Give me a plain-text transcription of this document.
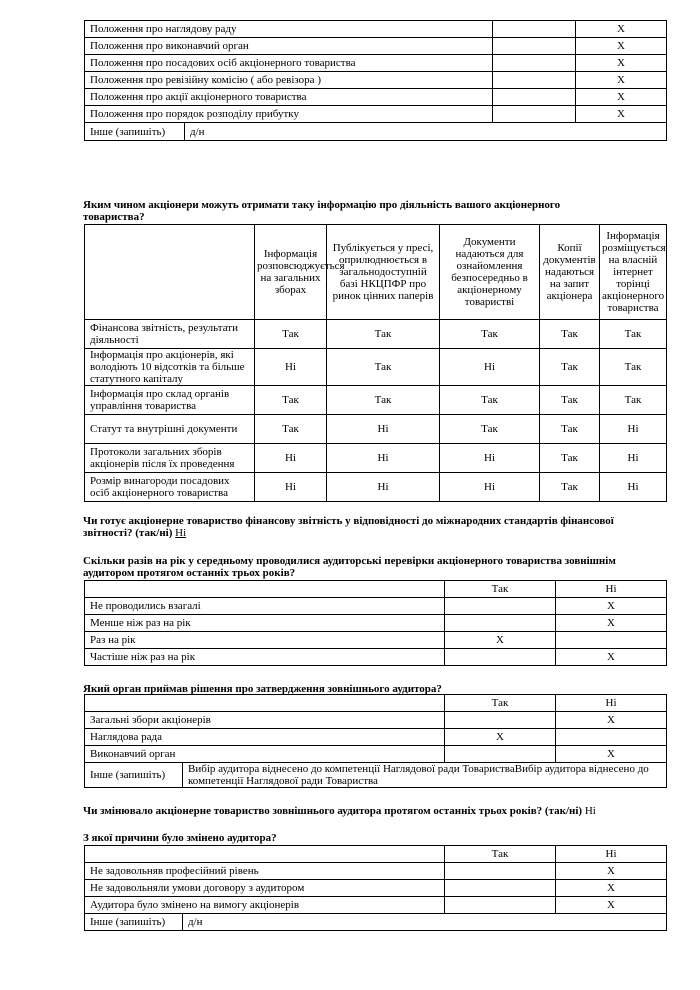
Положення про наглядову раду		Х
Положення про виконавчий орган		Х
Положення про посадових осіб акціонерного товариства		Х
Положення про ревізійну комісію ( або ревізора )		Х
Положення про акції акціонерного товариства		Х
Положення про порядок розподілу прибутку		Х

Інше (запишіть) д/н		
Яким чином акціонери можуть отримати таку інформацію про діяльність вашого акціонерного товариства?
	Інформація розповсюджується на загальних зборах	Публікується у пресі, оприлюднюється в загальнодоступній базі НКЦПФР про ринок цінних паперів	Документи надаються для ознайомлення безпосередньо в акціонерному товаристві	Копії документів надаються на запит акціонера	Інформація розміщується на власній інтернет торінці акціонерного товариства
Фінансова звітність, результати діяльності	Так	Так	Так	Так	Так
Інформація про акціонерів, які володіють 10 відсотків та більше статутного капіталу	Ні	Так	Ні	Так	Так
Інформація про склад органів управління товариства	Так	Так	Так	Так	Так
Статут та внутрішні документи	Так	Ні	Так	Так	Ні
Протоколи загальних зборів акціонерів після їх проведення	Ні	Ні	Ні	Так	Ні
Розмір винагороди посадових осіб акціонерного товариства	Ні	Ні	Ні	Так	Ні
Чи готує акціонерне товариство фінансову звітність у відповідності до міжнародних стандартів фінансової звітності? (так/ні) Ні
Скільки разів на рік у середньому проводилися аудиторські перевірки акціонерного товариства зовнішнім аудитором протягом останніх трьох років?
	Так	Ні
Не проводились взагалі		Х
Менше ніж раз на рік		Х
Раз на рік	Х	
Частіше ніж раз на рік		Х
Який орган приймав рішення про затвердження зовнішнього аудитора?
		Так	Ні
Загальні збори акціонерів			Х
Наглядова рада		Х	
Виконавчий орган			Х
Інше (запишіть)	Вибір аудитора віднесено до компетенції Наглядової ради ТоваристваВибір аудитора віднесено до компетенції Наглядової ради Товариства		
Чи змінювало акціонерне товариство зовнішнього аудитора протягом останніх трьох років? (так/ні) Ні
З якої причини було змінено аудитора?
		Так	Ні
Не задовольняв професійний рівень			Х
Не задовольняли умови договору з аудитором			Х
Аудитора було змінено на вимогу акціонерів			Х
Інше (запишіть)	д/н		
